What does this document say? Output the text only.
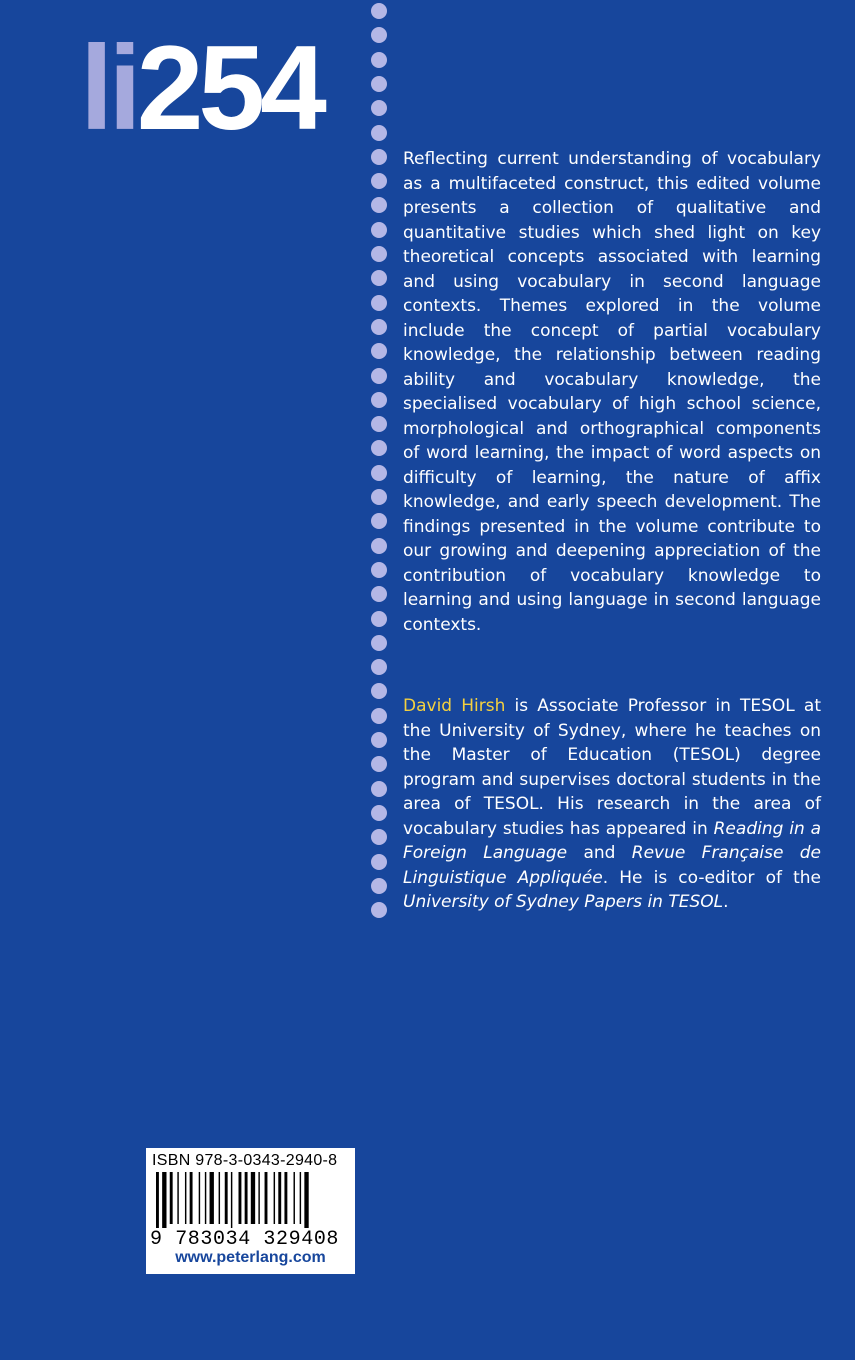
li254

Reflecting current understanding of vocabulary as a multifaceted construct, this edited volume presents a collection of qualitative and quantitative studies which shed light on key theoretical concepts associated with learning and using vocabulary in second language contexts. Themes explored in the volume include the concept of partial vocabulary knowledge, the relationship between reading ability and vocabulary knowledge, the specialised vocabulary of high school science, morphological and orthographical components of word learning, the impact of word aspects on difficulty of learning, the nature of affix knowledge, and early speech development. The findings presented in the volume contribute to our growing and deepening appreciation of the contribution of vocabulary knowledge to learning and using language in second language contexts.

David Hirsh is Associate Professor in TESOL at the University of Sydney, where he teaches on the Master of Education (TESOL) degree program and supervises doctoral students in the area of TESOL. His research in the area of vocabulary studies has appeared in Reading in a Foreign Language and Revue Française de Linguistique Appliquée. He is co-editor of the University of Sydney Papers in TESOL.

ISBN 978-3-0343-2940-8
9 783034 329408
www.peterlang.com
